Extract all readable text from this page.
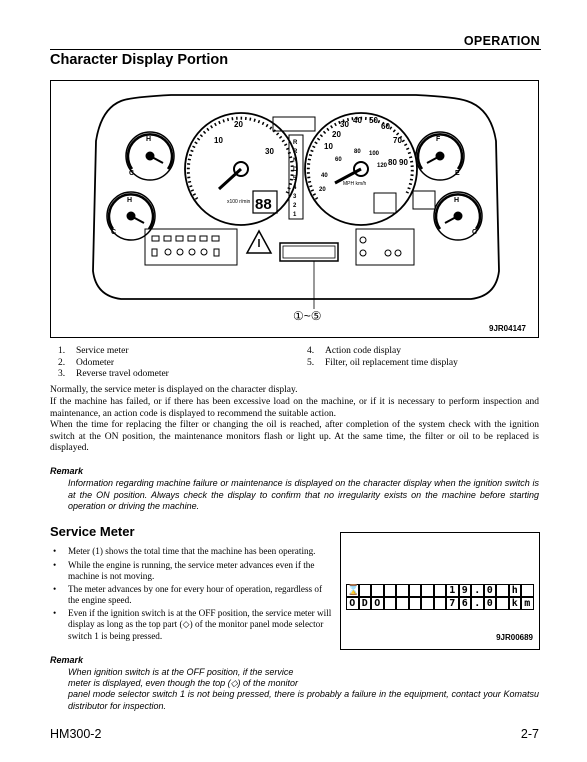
OPERATION
Character Display Portion
10
20
30
x100 r/min
10
20
30 40 50
60
70
80 90
MPH km/h
20
40
60
80 100
120
R
R
N
D
5
4
3
2
1
88
H
C
H
C
F
E
H
C
①~⑤
9JR04147
1. Service meter
2. Odometer
3. Reverse travel odometer
4. Action code display
5. Filter, oil replacement time display
Normally, the service meter is displayed on the character display.
If the machine has failed, or if there has been excessive load on the machine, or if it is necessary to perform inspection and maintenance, an action code is displayed to recommend the suitable action.
When the time for replacing the filter or changing the oil is reached, after completion of the system check with the ignition switch at the ON position, the maintenance monitors flash or light up. At the same time, the filter or oil to be replaced is displayed.
Remark
Information regarding machine failure or maintenance is displayed on the character display when the ignition switch is at the ON position. Always check the display to confirm that no irregularity exists on the machine before starting operation or driving the machine.
Service Meter
• Meter (1) shows the total time that the machine has been operating.
• While the engine is running, the service meter advances even if the machine is not moving.
• The meter advances by one for every hour of operation, regardless of the engine speed.
• Even if the ignition switch is at the OFF position, the service meter will display as long as the top part (◇) of the monitor panel mode selector switch 1 is being pressed.
⌛	1 9 . 0	h
O D O	7 6 . 0	k m
9JR00689
Remark
When ignition switch is at the OFF position, if the service
meter is displayed, even though the top (◇) of the monitor
panel mode selector switch 1 is not being pressed, there is probably a failure in the equipment, contact your Komatsu distributor for inspection.
HM300-2	2-7
